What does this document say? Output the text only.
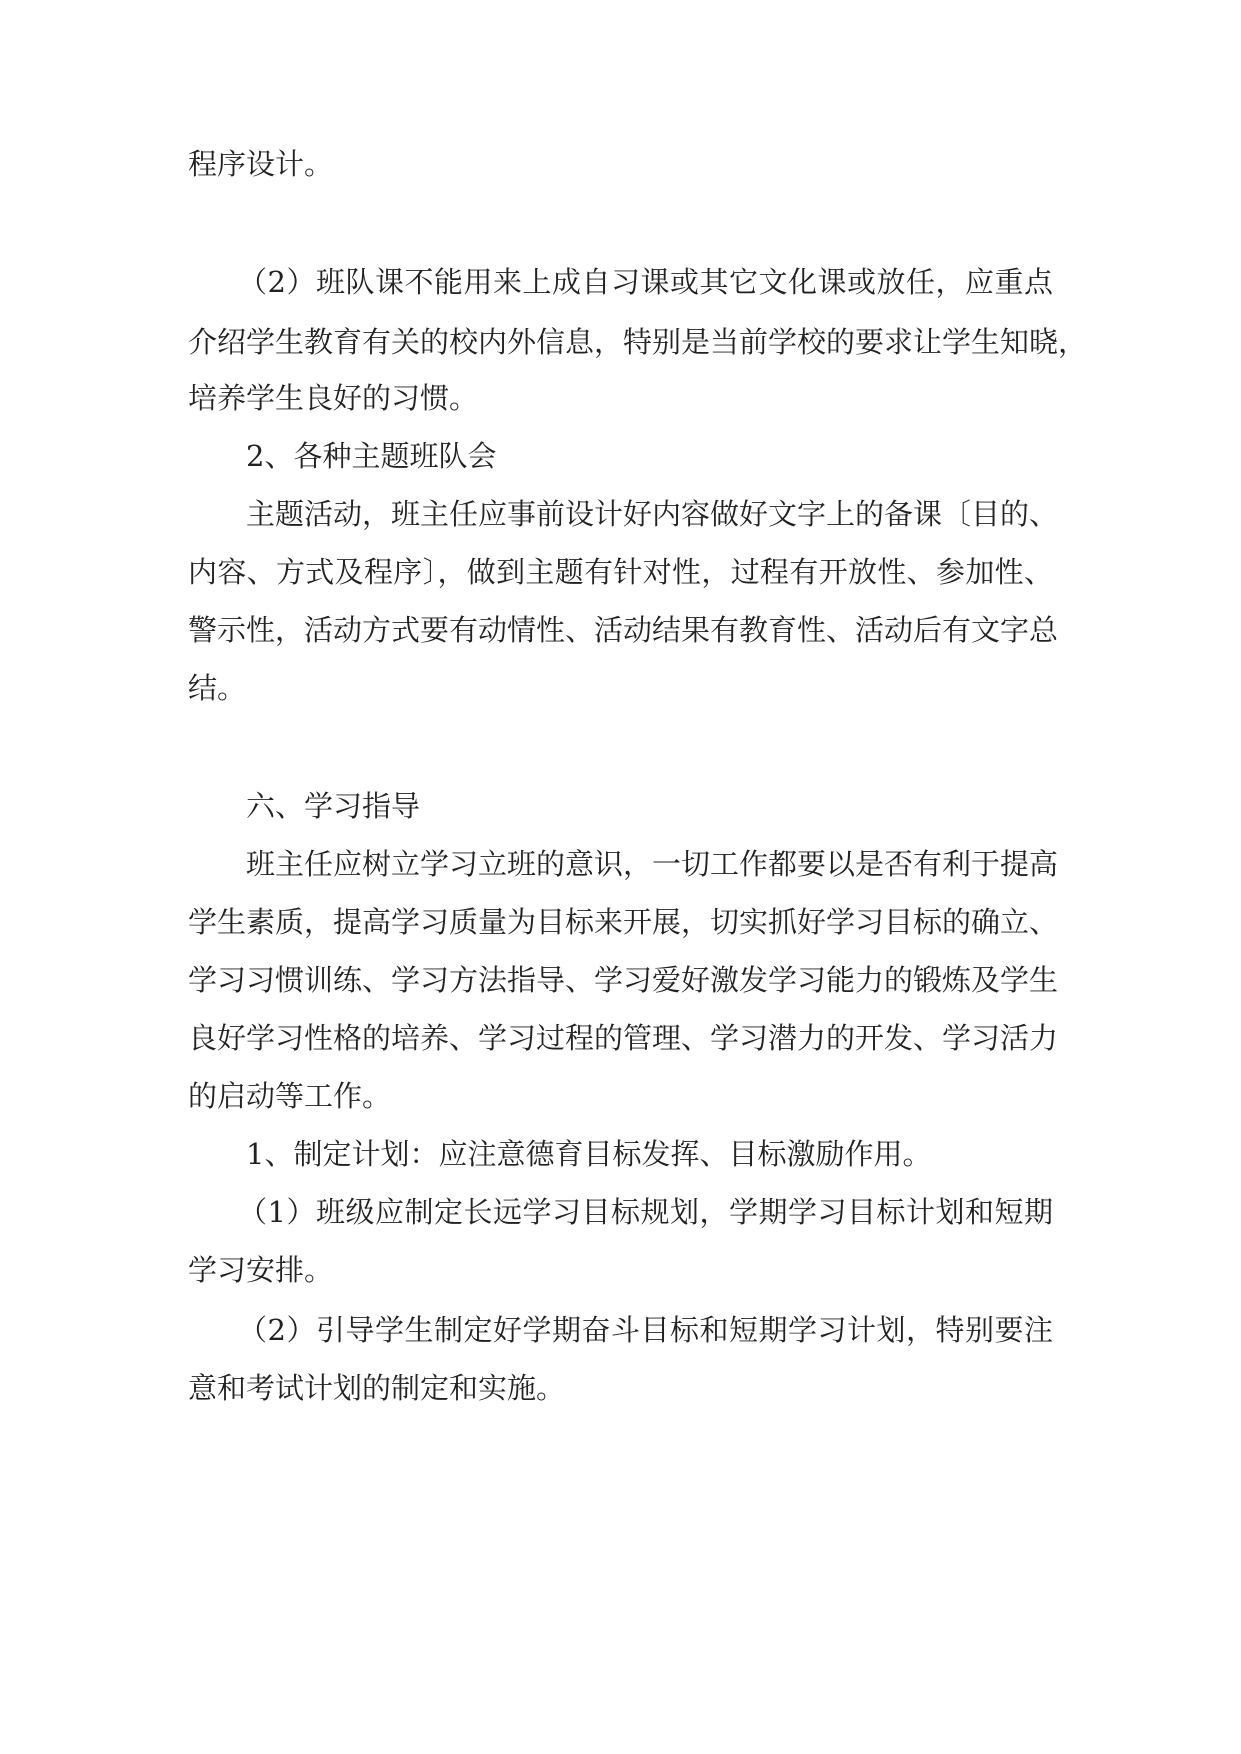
程序设计。
（2）班队课不能用来上成自习课或其它文化课或放任，应重点
介绍学生教育有关的校内外信息，特别是当前学校的要求让学生知晓，
培养学生良好的习惯。
2、各种主题班队会
主题活动，班主任应事前设计好内容做好文字上的备课〔目的、
内容、方式及程序〕，做到主题有针对性，过程有开放性、参加性、
警示性，活动方式要有动情性、活动结果有教育性、活动后有文字总
结。
六、学习指导
班主任应树立学习立班的意识，一切工作都要以是否有利于提高
学生素质，提高学习质量为目标来开展，切实抓好学习目标的确立、
学习习惯训练、学习方法指导、学习爱好激发学习能力的锻炼及学生
良好学习性格的培养、学习过程的管理、学习潜力的开发、学习活力
的启动等工作。
1、制定计划：应注意德育目标发挥、目标激励作用。
（1）班级应制定长远学习目标规划，学期学习目标计划和短期
学习安排。
（2）引导学生制定好学期奋斗目标和短期学习计划，特别要注
意和考试计划的制定和实施。
